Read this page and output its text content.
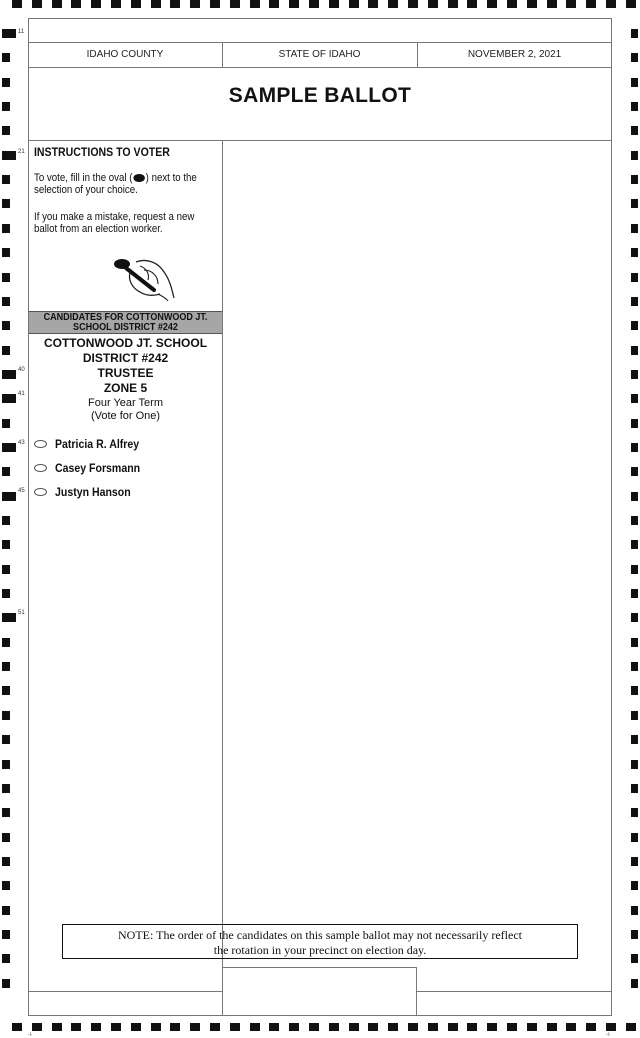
11
21
40
41
43
45
51
-l-	-l-
IDAHO COUNTY	STATE OF IDAHO	NOVEMBER 2, 2021
SAMPLE BALLOT
INSTRUCTIONS TO VOTER
To vote, fill in the oval ( ) next to the selection of your choice.
If you make a mistake, request a new ballot from an election worker.
CANDIDATES FOR COTTONWOOD JT. SCHOOL DISTRICT #242
COTTONWOOD JT. SCHOOL
DISTRICT #242
TRUSTEE
ZONE 5
Four Year Term
(Vote for One)
Patricia R. Alfrey
Casey Forsmann
Justyn Hanson
NOTE: The order of the candidates on this sample ballot may not necessarily reflect
the rotation in your precinct on election day.
